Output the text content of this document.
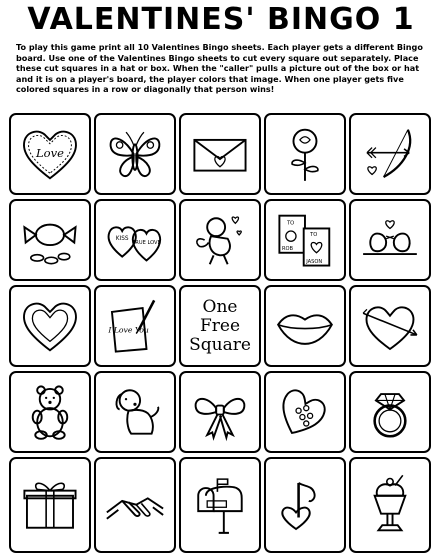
VALENTINES' BINGO 1
To play this game print all 10 Valentines Bingo sheets. Each player gets a different Bingo board. Use one of the Valentines Bingo sheets to cut every square out separately. Place these cut squares in a hat or box. When the "caller" pulls a picture out of the box or hat and it is on a player's board, the player colors that image. When one player gets five colored squares in a row or diagonally that person wins!
Love
KISS
TRUE LOVE
TO
ROB
TO
JASON
I Love You
One
Free
Square
